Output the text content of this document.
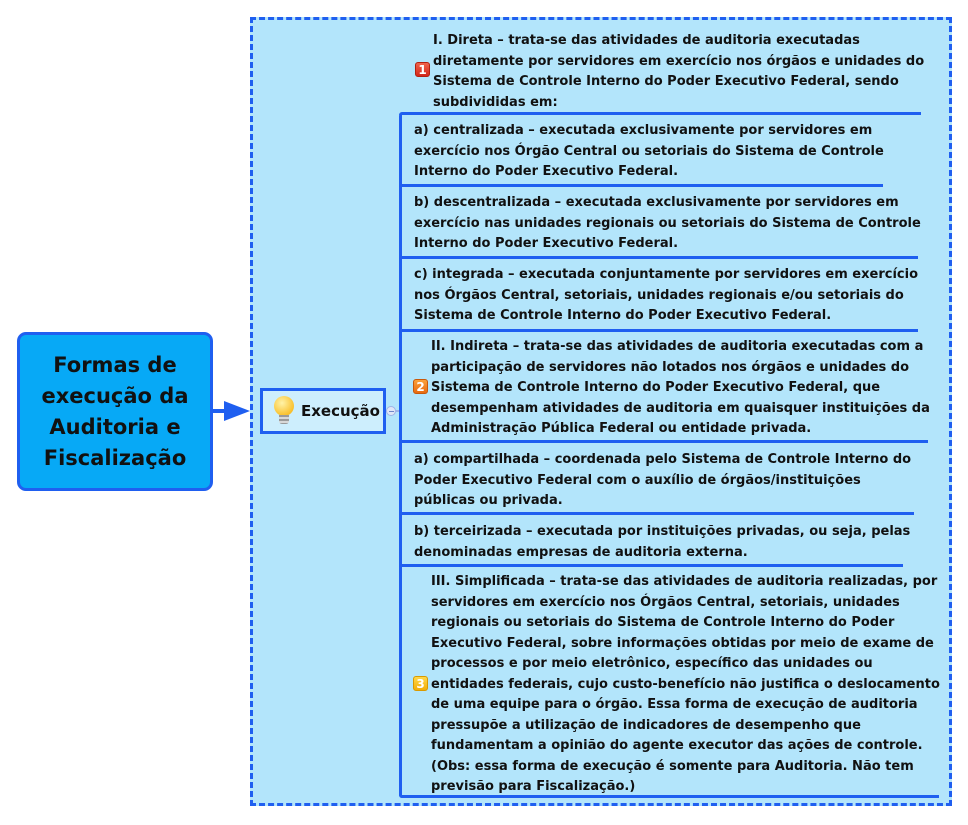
Formas de execução da Auditoria e Fiscalização
Execução
1
I. Direta – trata-se das atividades de auditoria executadas
diretamente por servidores em exercício nos órgãos e unidades do
Sistema de Controle Interno do Poder Executivo Federal, sendo
subdivididas em:
a) centralizada – executada exclusivamente por servidores em
exercício nos Órgão Central ou setoriais do Sistema de Controle
Interno do Poder Executivo Federal.
b) descentralizada – executada exclusivamente por servidores em
exercício nas unidades regionais ou setoriais do Sistema de Controle
Interno do Poder Executivo Federal.
c) integrada – executada conjuntamente por servidores em exercício
nos Órgãos Central, setoriais, unidades regionais e/ou setoriais do
Sistema de Controle Interno do Poder Executivo Federal.
2
II. Indireta – trata-se das atividades de auditoria executadas com a
participação de servidores não lotados nos órgãos e unidades do
Sistema de Controle Interno do Poder Executivo Federal, que
desempenham atividades de auditoria em quaisquer instituições da
Administração Pública Federal ou entidade privada.
a) compartilhada – coordenada pelo Sistema de Controle Interno do
Poder Executivo Federal com o auxílio de órgãos/instituições
públicas ou privada.
b) terceirizada – executada por instituições privadas, ou seja, pelas
denominadas empresas de auditoria externa.
3
III. Simplificada – trata-se das atividades de auditoria realizadas, por
servidores em exercício nos Órgãos Central, setoriais, unidades
regionais ou setoriais do Sistema de Controle Interno do Poder
Executivo Federal, sobre informações obtidas por meio de exame de
processos e por meio eletrônico, específico das unidades ou
entidades federais, cujo custo-benefício não justifica o deslocamento
de uma equipe para o órgão. Essa forma de execução de auditoria
pressupõe a utilização de indicadores de desempenho que
fundamentam a opinião do agente executor das ações de controle.
(Obs: essa forma de execução é somente para Auditoria. Não tem
previsão para Fiscalização.)
